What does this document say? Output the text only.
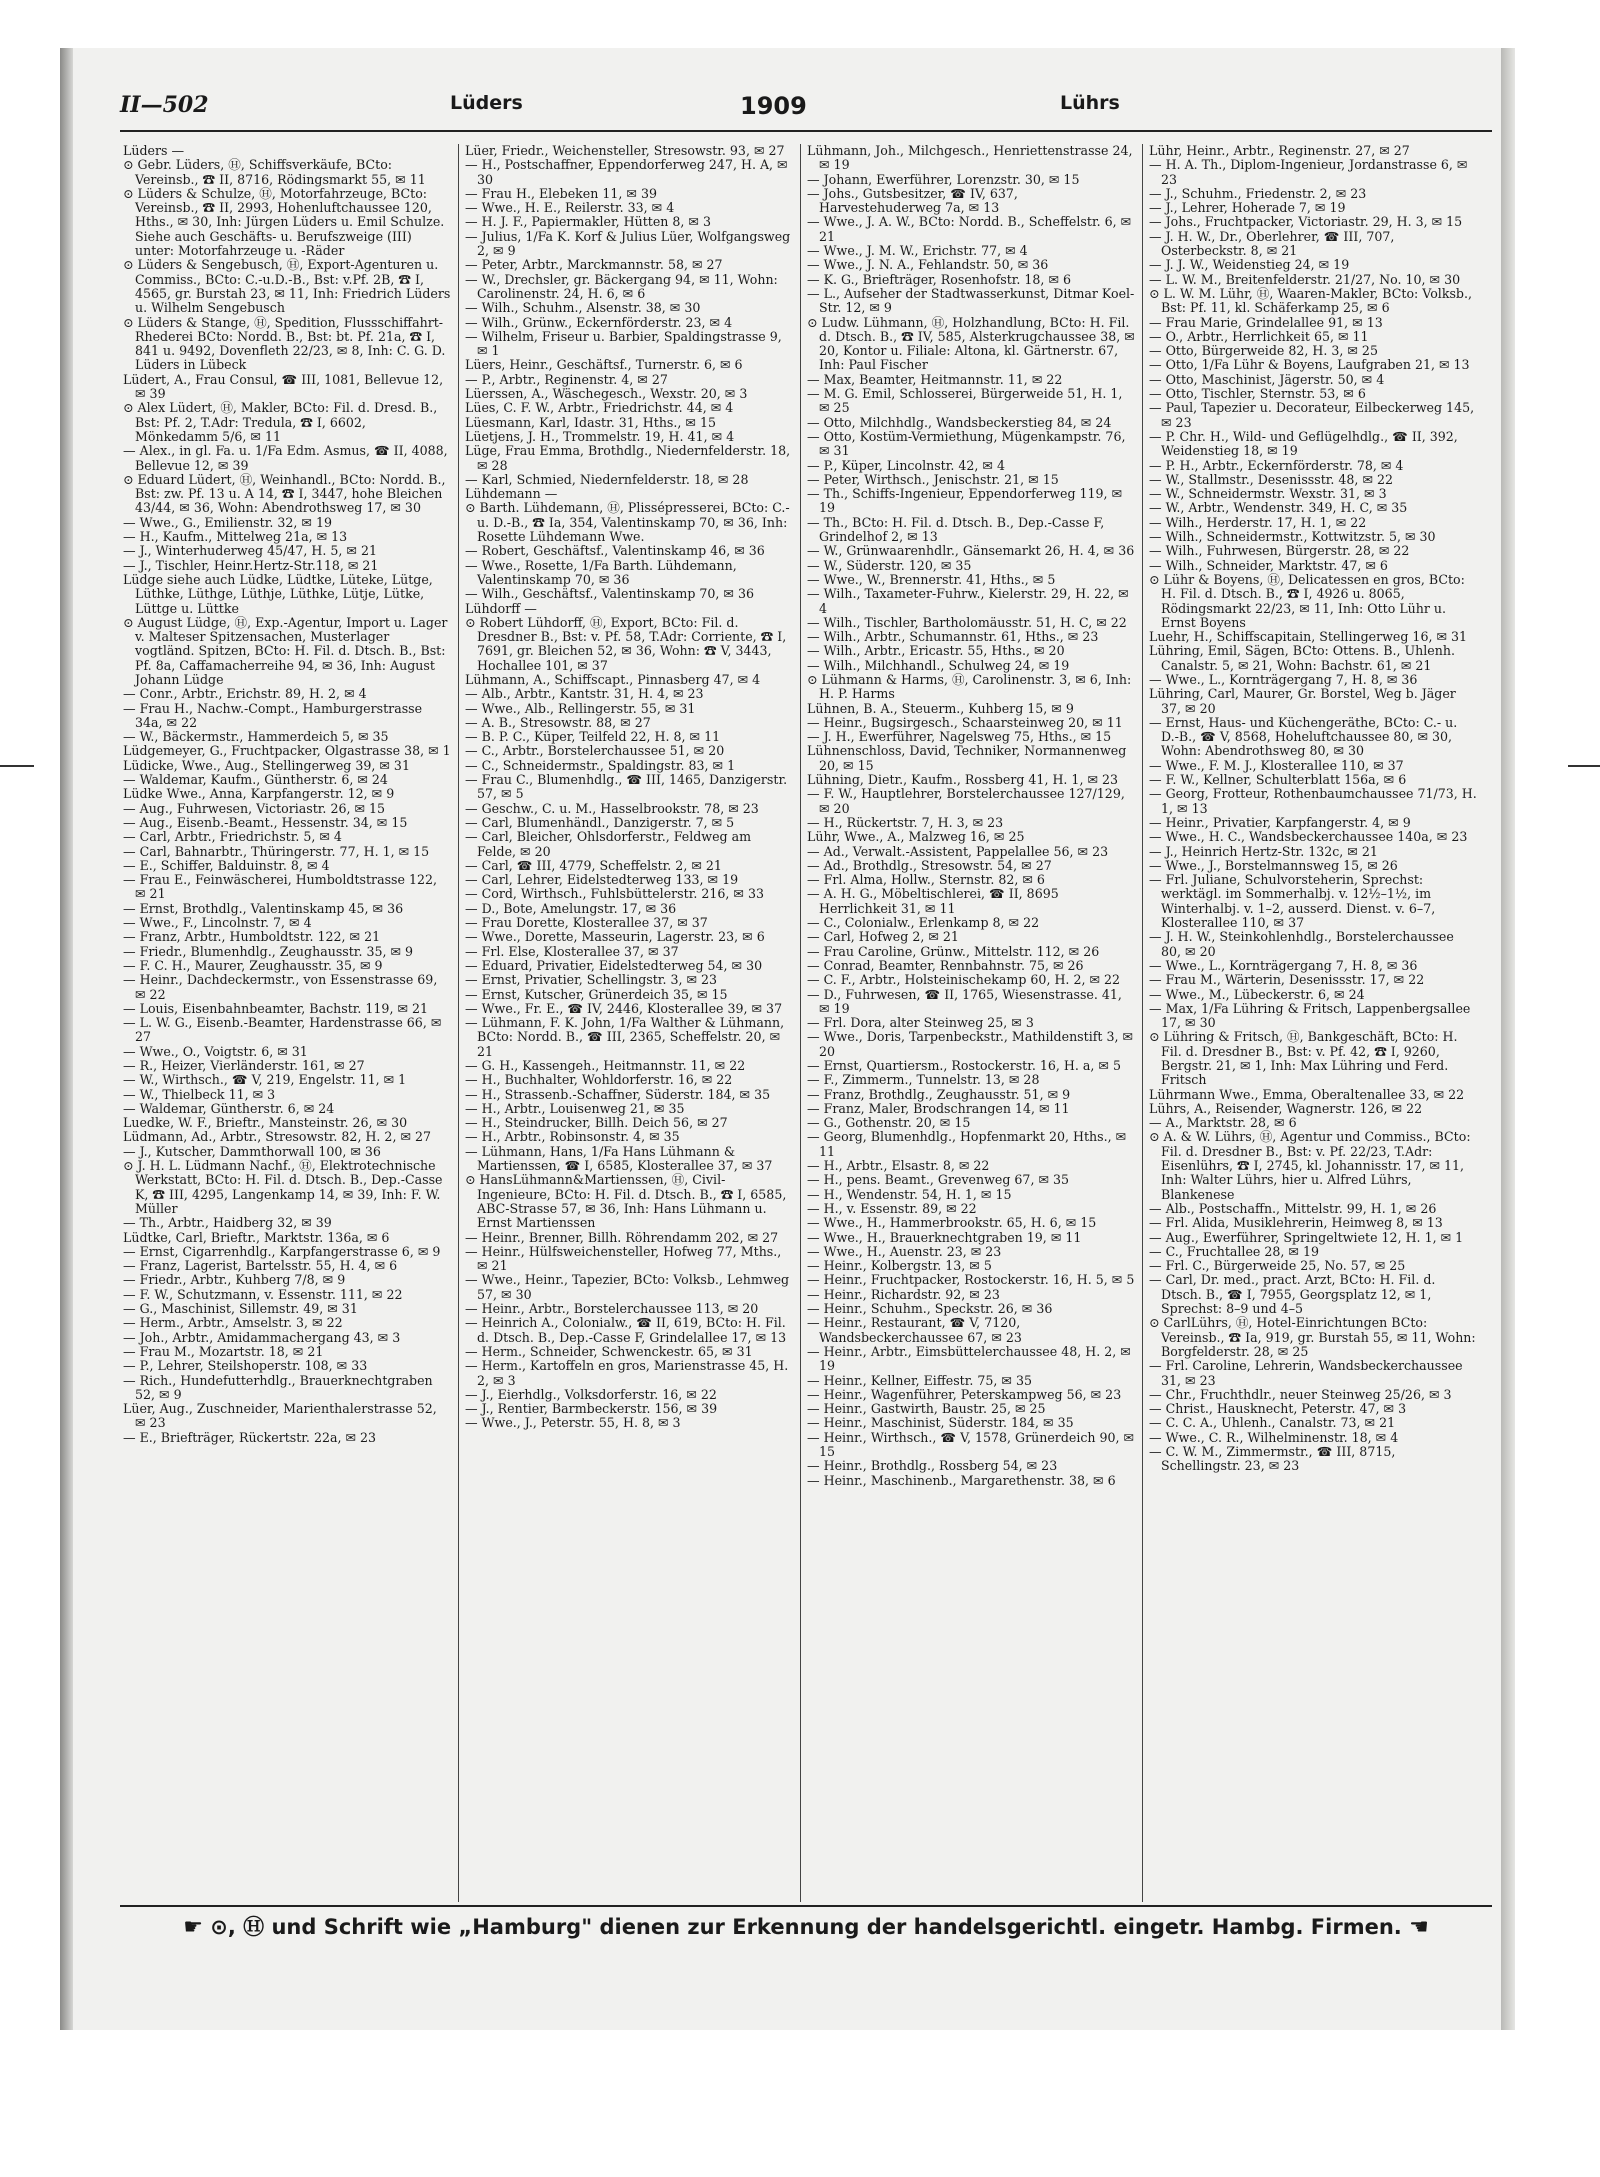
II—502	Lüders	1909	Lührs

Lüders —

⊙ Gebr. Lüders, Ⓗ, Schiffsverkäufe, BCto: Vereinsb., ☎ II, 8716, Rödingsmarkt 55, ✉ 11

⊙ Lüders & Schulze, Ⓗ, Motorfahrzeuge, BCto: Vereinsb., ☎ II, 2993, Hohenluftchaussee 120, Hths., ✉ 30, Inh: Jürgen Lüders u. Emil Schulze. Siehe auch Geschäfts- u. Berufszweige (III) unter: Motorfahrzeuge u. -Räder

⊙ Lüders & Sengebusch, Ⓗ, Export-Agenturen u. Commiss., BCto: C.-u.D.-B., Bst: v.Pf. 2B, ☎ I, 4565, gr. Burstah 23, ✉ 11, Inh: Friedrich Lüders u. Wilhelm Sengebusch

⊙ Lüders & Stange, Ⓗ, Spedition, Flussschiffahrt-Rhederei BCto: Nordd. B., Bst: bt. Pf. 21a, ☎ I, 841 u. 9492, Dovenfleth 22/23, ✉ 8, Inh: C. G. D. Lüders in Lübeck

Lüdert, A., Frau Consul, ☎ III, 1081, Bellevue 12, ✉ 39

⊙ Alex Lüdert, Ⓗ, Makler, BCto: Fil. d. Dresd. B., Bst: Pf. 2, T.Adr: Tredula, ☎ I, 6602, Mönkedamm 5/6, ✉ 11

— Alex., in gl. Fa. u. 1/Fa Edm. Asmus, ☎ II, 4088, Bellevue 12, ✉ 39

⊙ Eduard Lüdert, Ⓗ, Weinhandl., BCto: Nordd. B., Bst: zw. Pf. 13 u. A 14, ☎ I, 3447, hohe Bleichen 43/44, ✉ 36, Wohn: Abendrothsweg 17, ✉ 30

— Wwe., G., Emilienstr. 32, ✉ 19

— H., Kaufm., Mittelweg 21a, ✉ 13

— J., Winterhuderweg 45/47, H. 5, ✉ 21

— J., Tischler, Heinr.Hertz-Str.118, ✉ 21

Lüdge siehe auch Lüdke, Lüdtke, Lüteke, Lütge, Lüthke, Lüthge, Lüthje, Lüthke, Lütje, Lütke, Lüttge u. Lüttke

⊙ August Lüdge, Ⓗ, Exp.-Agentur, Import u. Lager v. Malteser Spitzensachen, Musterlager vogtländ. Spitzen, BCto: H. Fil. d. Dtsch. B., Bst: Pf. 8a, Caffamacherreihe 94, ✉ 36, Inh: August Johann Lüdge

— Conr., Arbtr., Erichstr. 89, H. 2, ✉ 4

— Frau H., Nachw.-Compt., Hamburgerstrasse 34a, ✉ 22

— W., Bäckermstr., Hammerdeich 5, ✉ 35

Lüdgemeyer, G., Fruchtpacker, Olgastrasse 38, ✉ 1

Lüdicke, Wwe., Aug., Stellingerweg 39, ✉ 31

— Waldemar, Kaufm., Güntherstr. 6, ✉ 24

Lüdke Wwe., Anna, Karpfangerstr. 12, ✉ 9

— Aug., Fuhrwesen, Victoriastr. 26, ✉ 15

— Aug., Eisenb.-Beamt., Hessenstr. 34, ✉ 15

— Carl, Arbtr., Friedrichstr. 5, ✉ 4

— Carl, Bahnarbtr., Thüringerstr. 77, H. 1, ✉ 15

— E., Schiffer, Balduinstr. 8, ✉ 4

— Frau E., Feinwäscherei, Humboldtstrasse 122, ✉ 21

— Ernst, Brothdlg., Valentinskamp 45, ✉ 36

— Wwe., F., Lincolnstr. 7, ✉ 4

— Franz, Arbtr., Humboldtstr. 122, ✉ 21

— Friedr., Blumenhdlg., Zeughausstr. 35, ✉ 9

— F. C. H., Maurer, Zeughausstr. 35, ✉ 9

— Heinr., Dachdeckermstr., von Essenstrasse 69, ✉ 22

— Louis, Eisenbahnbeamter, Bachstr. 119, ✉ 21

— L. W. G., Eisenb.-Beamter, Hardenstrasse 66, ✉ 27

— Wwe., O., Voigtstr. 6, ✉ 31

— R., Heizer, Vierländerstr. 161, ✉ 27

— W., Wirthsch., ☎ V, 219, Engelstr. 11, ✉ 1

— W., Thielbeck 11, ✉ 3

— Waldemar, Güntherstr. 6, ✉ 24

Luedke, W. F., Brieftr., Mansteinstr. 26, ✉ 30

Lüdmann, Ad., Arbtr., Stresowstr. 82, H. 2, ✉ 27

— J., Kutscher, Dammthorwall 100, ✉ 36

⊙ J. H. L. Lüdmann Nachf., Ⓗ, Elektrotechnische Werkstatt, BCto: H. Fil. d. Dtsch. B., Dep.-Casse K, ☎ III, 4295, Langenkamp 14, ✉ 39, Inh: F. W. Müller

— Th., Arbtr., Haidberg 32, ✉ 39

Lüdtke, Carl, Brieftr., Marktstr. 136a, ✉ 6

— Ernst, Cigarrenhdlg., Karpfangerstrasse 6, ✉ 9

— Franz, Lagerist, Bartelsstr. 55, H. 4, ✉ 6

— Friedr., Arbtr., Kuhberg 7/8, ✉ 9

— F. W., Schutzmann, v. Essenstr. 111, ✉ 22

— G., Maschinist, Sillemstr. 49, ✉ 31

— Herm., Arbtr., Amselstr. 3, ✉ 22

— Joh., Arbtr., Amidammachergang 43, ✉ 3

— Frau M., Mozartstr. 18, ✉ 21

— P., Lehrer, Steilshoperstr. 108, ✉ 33

— Rich., Hundefutterhdlg., Brauerknechtgraben 52, ✉ 9

Lüer, Aug., Zuschneider, Marienthalerstrasse 52, ✉ 23

— E., Briefträger, Rückertstr. 22a, ✉ 23

Lüer, Friedr., Weichensteller, Stresowstr. 93, ✉ 27

— H., Postschaffner, Eppendorferweg 247, H. A, ✉ 30

— Frau H., Elebeken 11, ✉ 39

— Wwe., H. E., Reilerstr. 33, ✉ 4

— H. J. F., Papiermakler, Hütten 8, ✉ 3

— Julius, 1/Fa K. Korf & Julius Lüer, Wolfgangsweg 2, ✉ 9

— Peter, Arbtr., Marckmannstr. 58, ✉ 27

— W., Drechsler, gr. Bäckergang 94, ✉ 11, Wohn: Carolinenstr. 24, H. 6, ✉ 6

— Wilh., Schuhm., Alsenstr. 38, ✉ 30

— Wilh., Grünw., Eckernförderstr. 23, ✉ 4

— Wilhelm, Friseur u. Barbier, Spaldingstrasse 9, ✉ 1

Lüers, Heinr., Geschäftsf., Turnerstr. 6, ✉ 6

— P., Arbtr., Reginenstr. 4, ✉ 27

Lüerssen, A., Wäschegesch., Wexstr. 20, ✉ 3

Lües, C. F. W., Arbtr., Friedrichstr. 44, ✉ 4

Lüesmann, Karl, Idastr. 31, Hths., ✉ 15

Lüetjens, J. H., Trommelstr. 19, H. 41, ✉ 4

Lüge, Frau Emma, Brothdlg., Niedernfelderstr. 18, ✉ 28

— Karl, Schmied, Niedernfelderstr. 18, ✉ 28

Lühdemann —

⊙ Barth. Lühdemann, Ⓗ, Plissépresserei, BCto: C.- u. D.-B., ☎ Ia, 354, Valentinskamp 70, ✉ 36, Inh: Rosette Lühdemann Wwe.

— Robert, Geschäftsf., Valentinskamp 46, ✉ 36

— Wwe., Rosette, 1/Fa Barth. Lühdemann, Valentinskamp 70, ✉ 36

— Wilh., Geschäftsf., Valentinskamp 70, ✉ 36

Lühdorff —

⊙ Robert Lühdorff, Ⓗ, Export, BCto: Fil. d. Dresdner B., Bst: v. Pf. 58, T.Adr: Corriente, ☎ I, 7691, gr. Bleichen 52, ✉ 36, Wohn: ☎ V, 3443, Hochallee 101, ✉ 37

Lühmann, A., Schiffscapt., Pinnasberg 47, ✉ 4

— Alb., Arbtr., Kantstr. 31, H. 4, ✉ 23

— Wwe., Alb., Rellingerstr. 55, ✉ 31

— A. B., Stresowstr. 88, ✉ 27

— B. P. C., Küper, Teilfeld 22, H. 8, ✉ 11

— C., Arbtr., Borstelerchaussee 51, ✉ 20

— C., Schneidermstr., Spaldingstr. 83, ✉ 1

— Frau C., Blumenhdlg., ☎ III, 1465, Danzigerstr. 57, ✉ 5

— Geschw., C. u. M., Hasselbrookstr. 78, ✉ 23

— Carl, Blumenhändl., Danzigerstr. 7, ✉ 5

— Carl, Bleicher, Ohlsdorferstr., Feldweg am Felde, ✉ 20

— Carl, ☎ III, 4779, Scheffelstr. 2, ✉ 21

— Carl, Lehrer, Eidelstedterweg 133, ✉ 19

— Cord, Wirthsch., Fuhlsbüttelerstr. 216, ✉ 33

— D., Bote, Amelungstr. 17, ✉ 36

— Frau Dorette, Klosterallee 37, ✉ 37

— Wwe., Dorette, Masseurin, Lagerstr. 23, ✉ 6

— Frl. Else, Klosterallee 37, ✉ 37

— Eduard, Privatier, Eidelstedterweg 54, ✉ 30

— Ernst, Privatier, Schellingstr. 3, ✉ 23

— Ernst, Kutscher, Grünerdeich 35, ✉ 15

— Wwe., Fr. E., ☎ IV, 2446, Klosterallee 39, ✉ 37

— Lühmann, F. K. John, 1/Fa Walther & Lühmann, BCto: Nordd. B., ☎ III, 2365, Scheffelstr. 20, ✉ 21

— G. H., Kassengeh., Heitmannstr. 11, ✉ 22

— H., Buchhalter, Wohldorferstr. 16, ✉ 22

— H., Strassenb.-Schaffner, Süderstr. 184, ✉ 35

— H., Arbtr., Louisenweg 21, ✉ 35

— H., Steindrucker, Billh. Deich 56, ✉ 27

— H., Arbtr., Robinsonstr. 4, ✉ 35

— Lühmann, Hans, 1/Fa Hans Lühmann & Martienssen, ☎ I, 6585, Klosterallee 37, ✉ 37

⊙ HansLühmann&Martienssen, Ⓗ, Civil-Ingenieure, BCto: H. Fil. d. Dtsch. B., ☎ I, 6585, ABC-Strasse 57, ✉ 36, Inh: Hans Lühmann u. Ernst Martienssen

— Heinr., Brenner, Billh. Röhrendamm 202, ✉ 27

— Heinr., Hülfsweichensteller, Hofweg 77, Mths., ✉ 21

— Wwe., Heinr., Tapezier, BCto: Volksb., Lehmweg 57, ✉ 30

— Heinr., Arbtr., Borstelerchaussee 113, ✉ 20

— Heinrich A., Colonialw., ☎ II, 619, BCto: H. Fil. d. Dtsch. B., Dep.-Casse F, Grindelallee 17, ✉ 13

— Herm., Schneider, Schwenckestr. 65, ✉ 31

— Herm., Kartoffeln en gros, Marienstrasse 45, H. 2, ✉ 3

— J., Eierhdlg., Volksdorferstr. 16, ✉ 22

— J., Rentier, Barmbeckerstr. 156, ✉ 39

— Wwe., J., Peterstr. 55, H. 8, ✉ 3

Lühmann, Joh., Milchgesch., Henriettenstrasse 24, ✉ 19

— Johann, Ewerführer, Lorenzstr. 30, ✉ 15

— Johs., Gutsbesitzer, ☎ IV, 637, Harvestehuderweg 7a, ✉ 13

— Wwe., J. A. W., BCto: Nordd. B., Scheffelstr. 6, ✉ 21

— Wwe., J. M. W., Erichstr. 77, ✉ 4

— Wwe., J. N. A., Fehlandstr. 50, ✉ 36

— K. G., Briefträger, Rosenhofstr. 18, ✉ 6

— L., Aufseher der Stadtwasserkunst, Ditmar Koel-Str. 12, ✉ 9

⊙ Ludw. Lühmann, Ⓗ, Holzhandlung, BCto: H. Fil. d. Dtsch. B., ☎ IV, 585, Alsterkrugchaussee 38, ✉ 20, Kontor u. Filiale: Altona, kl. Gärtnerstr. 67, Inh: Paul Fischer

— Max, Beamter, Heitmannstr. 11, ✉ 22

— M. G. Emil, Schlosserei, Bürgerweide 51, H. 1, ✉ 25

— Otto, Milchhdlg., Wandsbeckerstieg 84, ✉ 24

— Otto, Kostüm-Vermiethung, Mügenkampstr. 76, ✉ 31

— P., Küper, Lincolnstr. 42, ✉ 4

— Peter, Wirthsch., Jenischstr. 21, ✉ 15

— Th., Schiffs-Ingenieur, Eppendorferweg 119, ✉ 19

— Th., BCto: H. Fil. d. Dtsch. B., Dep.-Casse F, Grindelhof 2, ✉ 13

— W., Grünwaarenhdlr., Gänsemarkt 26, H. 4, ✉ 36

— W., Süderstr. 120, ✉ 35

— Wwe., W., Brennerstr. 41, Hths., ✉ 5

— Wilh., Taxameter-Fuhrw., Kielerstr. 29, H. 22, ✉ 4

— Wilh., Tischler, Bartholomäusstr. 51, H. C, ✉ 22

— Wilh., Arbtr., Schumannstr. 61, Hths., ✉ 23

— Wilh., Arbtr., Ericastr. 55, Hths., ✉ 20

— Wilh., Milchhandl., Schulweg 24, ✉ 19

⊙ Lühmann & Harms, Ⓗ, Carolinenstr. 3, ✉ 6, Inh: H. P. Harms

Lühnen, B. A., Steuerm., Kuhberg 15, ✉ 9

— Heinr., Bugsirgesch., Schaarsteinweg 20, ✉ 11

— J. H., Ewerführer, Nagelsweg 75, Hths., ✉ 15

Lühnenschloss, David, Techniker, Normannenweg 20, ✉ 15

Lühning, Dietr., Kaufm., Rossberg 41, H. 1, ✉ 23

— F. W., Hauptlehrer, Borstelerchaussee 127/129, ✉ 20

— H., Rückertstr. 7, H. 3, ✉ 23

Lühr, Wwe., A., Malzweg 16, ✉ 25

— Ad., Verwalt.-Assistent, Pappelallee 56, ✉ 23

— Ad., Brothdlg., Stresowstr. 54, ✉ 27

— Frl. Alma, Hollw., Sternstr. 82, ✉ 6

— A. H. G., Möbeltischlerei, ☎ II, 8695 Herrlichkeit 31, ✉ 11

— C., Colonialw., Erlenkamp 8, ✉ 22

— Carl, Hofweg 2, ✉ 21

— Frau Caroline, Grünw., Mittelstr. 112, ✉ 26

— Conrad, Beamter, Rennbahnstr. 75, ✉ 26

— C. F., Arbtr., Holsteinischekamp 60, H. 2, ✉ 22

— D., Fuhrwesen, ☎ II, 1765, Wiesenstrasse. 41, ✉ 19

— Frl. Dora, alter Steinweg 25, ✉ 3

— Wwe., Doris, Tarpenbeckstr., Mathildenstift 3, ✉ 20

— Ernst, Quartiersm., Rostockerstr. 16, H. a, ✉ 5

— F., Zimmerm., Tunnelstr. 13, ✉ 28

— Franz, Brothdlg., Zeughausstr. 51, ✉ 9

— Franz, Maler, Brodschrangen 14, ✉ 11

— G., Gothenstr. 20, ✉ 15

— Georg, Blumenhdlg., Hopfenmarkt 20, Hths., ✉ 11

— H., Arbtr., Elsastr. 8, ✉ 22

— H., pens. Beamt., Grevenweg 67, ✉ 35

— H., Wendenstr. 54, H. 1, ✉ 15

— H., v. Essenstr. 89, ✉ 22

— Wwe., H., Hammerbrookstr. 65, H. 6, ✉ 15

— Wwe., H., Brauerknechtgraben 19, ✉ 11

— Wwe., H., Auenstr. 23, ✉ 23

— Heinr., Kolbergstr. 13, ✉ 5

— Heinr., Fruchtpacker, Rostockerstr. 16, H. 5, ✉ 5

— Heinr., Richardstr. 92, ✉ 23

— Heinr., Schuhm., Speckstr. 26, ✉ 36

— Heinr., Restaurant, ☎ V, 7120, Wandsbeckerchaussee 67, ✉ 23

— Heinr., Arbtr., Eimsbüttelerchaussee 48, H. 2, ✉ 19

— Heinr., Kellner, Eiffestr. 75, ✉ 35

— Heinr., Wagenführer, Peterskampweg 56, ✉ 23

— Heinr., Gastwirth, Baustr. 25, ✉ 25

— Heinr., Maschinist, Süderstr. 184, ✉ 35

— Heinr., Wirthsch., ☎ V, 1578, Grünerdeich 90, ✉ 15

— Heinr., Brothdlg., Rossberg 54, ✉ 23

— Heinr., Maschinenb., Margarethenstr. 38, ✉ 6

Lühr, Heinr., Arbtr., Reginenstr. 27, ✉ 27

— H. A. Th., Diplom-Ingenieur, Jordanstrasse 6, ✉ 23

— J., Schuhm., Friedenstr. 2, ✉ 23

— J., Lehrer, Hoherade 7, ✉ 19

— Johs., Fruchtpacker, Victoriastr. 29, H. 3, ✉ 15

— J. H. W., Dr., Oberlehrer, ☎ III, 707, Osterbeckstr. 8, ✉ 21

— J. J. W., Weidenstieg 24, ✉ 19

— L. W. M., Breitenfelderstr. 21/27, No. 10, ✉ 30

⊙ L. W. M. Lühr, Ⓗ, Waaren-Makler, BCto: Volksb., Bst: Pf. 11, kl. Schäferkamp 25, ✉ 6

— Frau Marie, Grindelallee 91, ✉ 13

— O., Arbtr., Herrlichkeit 65, ✉ 11

— Otto, Bürgerweide 82, H. 3, ✉ 25

— Otto, 1/Fa Lühr & Boyens, Laufgraben 21, ✉ 13

— Otto, Maschinist, Jägerstr. 50, ✉ 4

— Otto, Tischler, Sternstr. 53, ✉ 6

— Paul, Tapezier u. Decorateur, Eilbeckerweg 145, ✉ 23

— P. Chr. H., Wild- und Geflügelhdlg., ☎ II, 392, Weidenstieg 18, ✉ 19

— P. H., Arbtr., Eckernförderstr. 78, ✉ 4

— W., Stallmstr., Desenissstr. 48, ✉ 22

— W., Schneidermstr. Wexstr. 31, ✉ 3

— W., Arbtr., Wendenstr. 349, H. C, ✉ 35

— Wilh., Herderstr. 17, H. 1, ✉ 22

— Wilh., Schneidermstr., Kottwitzstr. 5, ✉ 30

— Wilh., Fuhrwesen, Bürgerstr. 28, ✉ 22

— Wilh., Schneider, Marktstr. 47, ✉ 6

⊙ Lühr & Boyens, Ⓗ, Delicatessen en gros, BCto: H. Fil. d. Dtsch. B., ☎ I, 4926 u. 8065, Rödingsmarkt 22/23, ✉ 11, Inh: Otto Lühr u. Ernst Boyens

Luehr, H., Schiffscapitain, Stellingerweg 16, ✉ 31

Lühring, Emil, Sägen, BCto: Ottens. B., Uhlenh. Canalstr. 5, ✉ 21, Wohn: Bachstr. 61, ✉ 21

— Wwe., L., Kornträgergang 7, H. 8, ✉ 36

Lühring, Carl, Maurer, Gr. Borstel, Weg b. Jäger 37, ✉ 20

— Ernst, Haus- und Küchengeräthe, BCto: C.- u. D.-B., ☎ V, 8568, Hoheluftchaussee 80, ✉ 30, Wohn: Abendrothsweg 80, ✉ 30

— Wwe., F. M. J., Klosterallee 110, ✉ 37

— F. W., Kellner, Schulterblatt 156a, ✉ 6

— Georg, Frotteur, Rothenbaumchaussee 71/73, H. 1, ✉ 13

— Heinr., Privatier, Karpfangerstr. 4, ✉ 9

— Wwe., H. C., Wandsbeckerchaussee 140a, ✉ 23

— J., Heinrich Hertz-Str. 132c, ✉ 21

— Wwe., J., Borstelmannsweg 15, ✉ 26

— Frl. Juliane, Schulvorsteherin, Sprechst: werktägl. im Sommerhalbj. v. 12½–1½, im Winterhalbj. v. 1–2, ausserd. Dienst. v. 6–7, Klosterallee 110, ✉ 37

— J. H. W., Steinkohlenhdlg., Borstelerchaussee 80, ✉ 20

— Wwe., L., Kornträgergang 7, H. 8, ✉ 36

— Frau M., Wärterin, Desenissstr. 17, ✉ 22

— Wwe., M., Lübeckerstr. 6, ✉ 24

— Max, 1/Fa Lühring & Fritsch, Lappenbergsallee 17, ✉ 30

⊙ Lühring & Fritsch, Ⓗ, Bankgeschäft, BCto: H. Fil. d. Dresdner B., Bst: v. Pf. 42, ☎ I, 9260, Bergstr. 21, ✉ 1, Inh: Max Lühring und Ferd. Fritsch

Lührmann Wwe., Emma, Oberaltenallee 33, ✉ 22

Lührs, A., Reisender, Wagnerstr. 126, ✉ 22

— A., Marktstr. 28, ✉ 6

⊙ A. & W. Lührs, Ⓗ, Agentur und Commiss., BCto: Fil. d. Dresdner B., Bst: v. Pf. 22/23, T.Adr: Eisenlührs, ☎ I, 2745, kl. Johannisstr. 17, ✉ 11, Inh: Walter Lührs, hier u. Alfred Lührs, Blankenese

— Alb., Postschaffn., Mittelstr. 99, H. 1, ✉ 26

— Frl. Alida, Musiklehrerin, Heimweg 8, ✉ 13

— Aug., Ewerführer, Springeltwiete 12, H. 1, ✉ 1

— C., Fruchtallee 28, ✉ 19

— Frl. C., Bürgerweide 25, No. 57, ✉ 25

— Carl, Dr. med., pract. Arzt, BCto: H. Fil. d. Dtsch. B., ☎ I, 7955, Georgsplatz 12, ✉ 1, Sprechst: 8–9 und 4–5

⊙ CarlLührs, Ⓗ, Hotel-Einrichtungen BCto: Vereinsb., ☎ Ia, 919, gr. Burstah 55, ✉ 11, Wohn: Borgfelderstr. 28, ✉ 25

— Frl. Caroline, Lehrerin, Wandsbeckerchaussee 31, ✉ 23

— Chr., Fruchthdlr., neuer Steinweg 25/26, ✉ 3

— Christ., Hausknecht, Peterstr. 47, ✉ 3

— C. C. A., Uhlenh., Canalstr. 73, ✉ 21

— Wwe., C. R., Wilhelminenstr. 18, ✉ 4

— C. W. M., Zimmermstr., ☎ III, 8715, Schellingstr. 23, ✉ 23

☛ ⊙, Ⓗ und Schrift wie „Hamburg" dienen zur Erkennung der handelsgerichtl. eingetr. Hambg. Firmen. ☚
